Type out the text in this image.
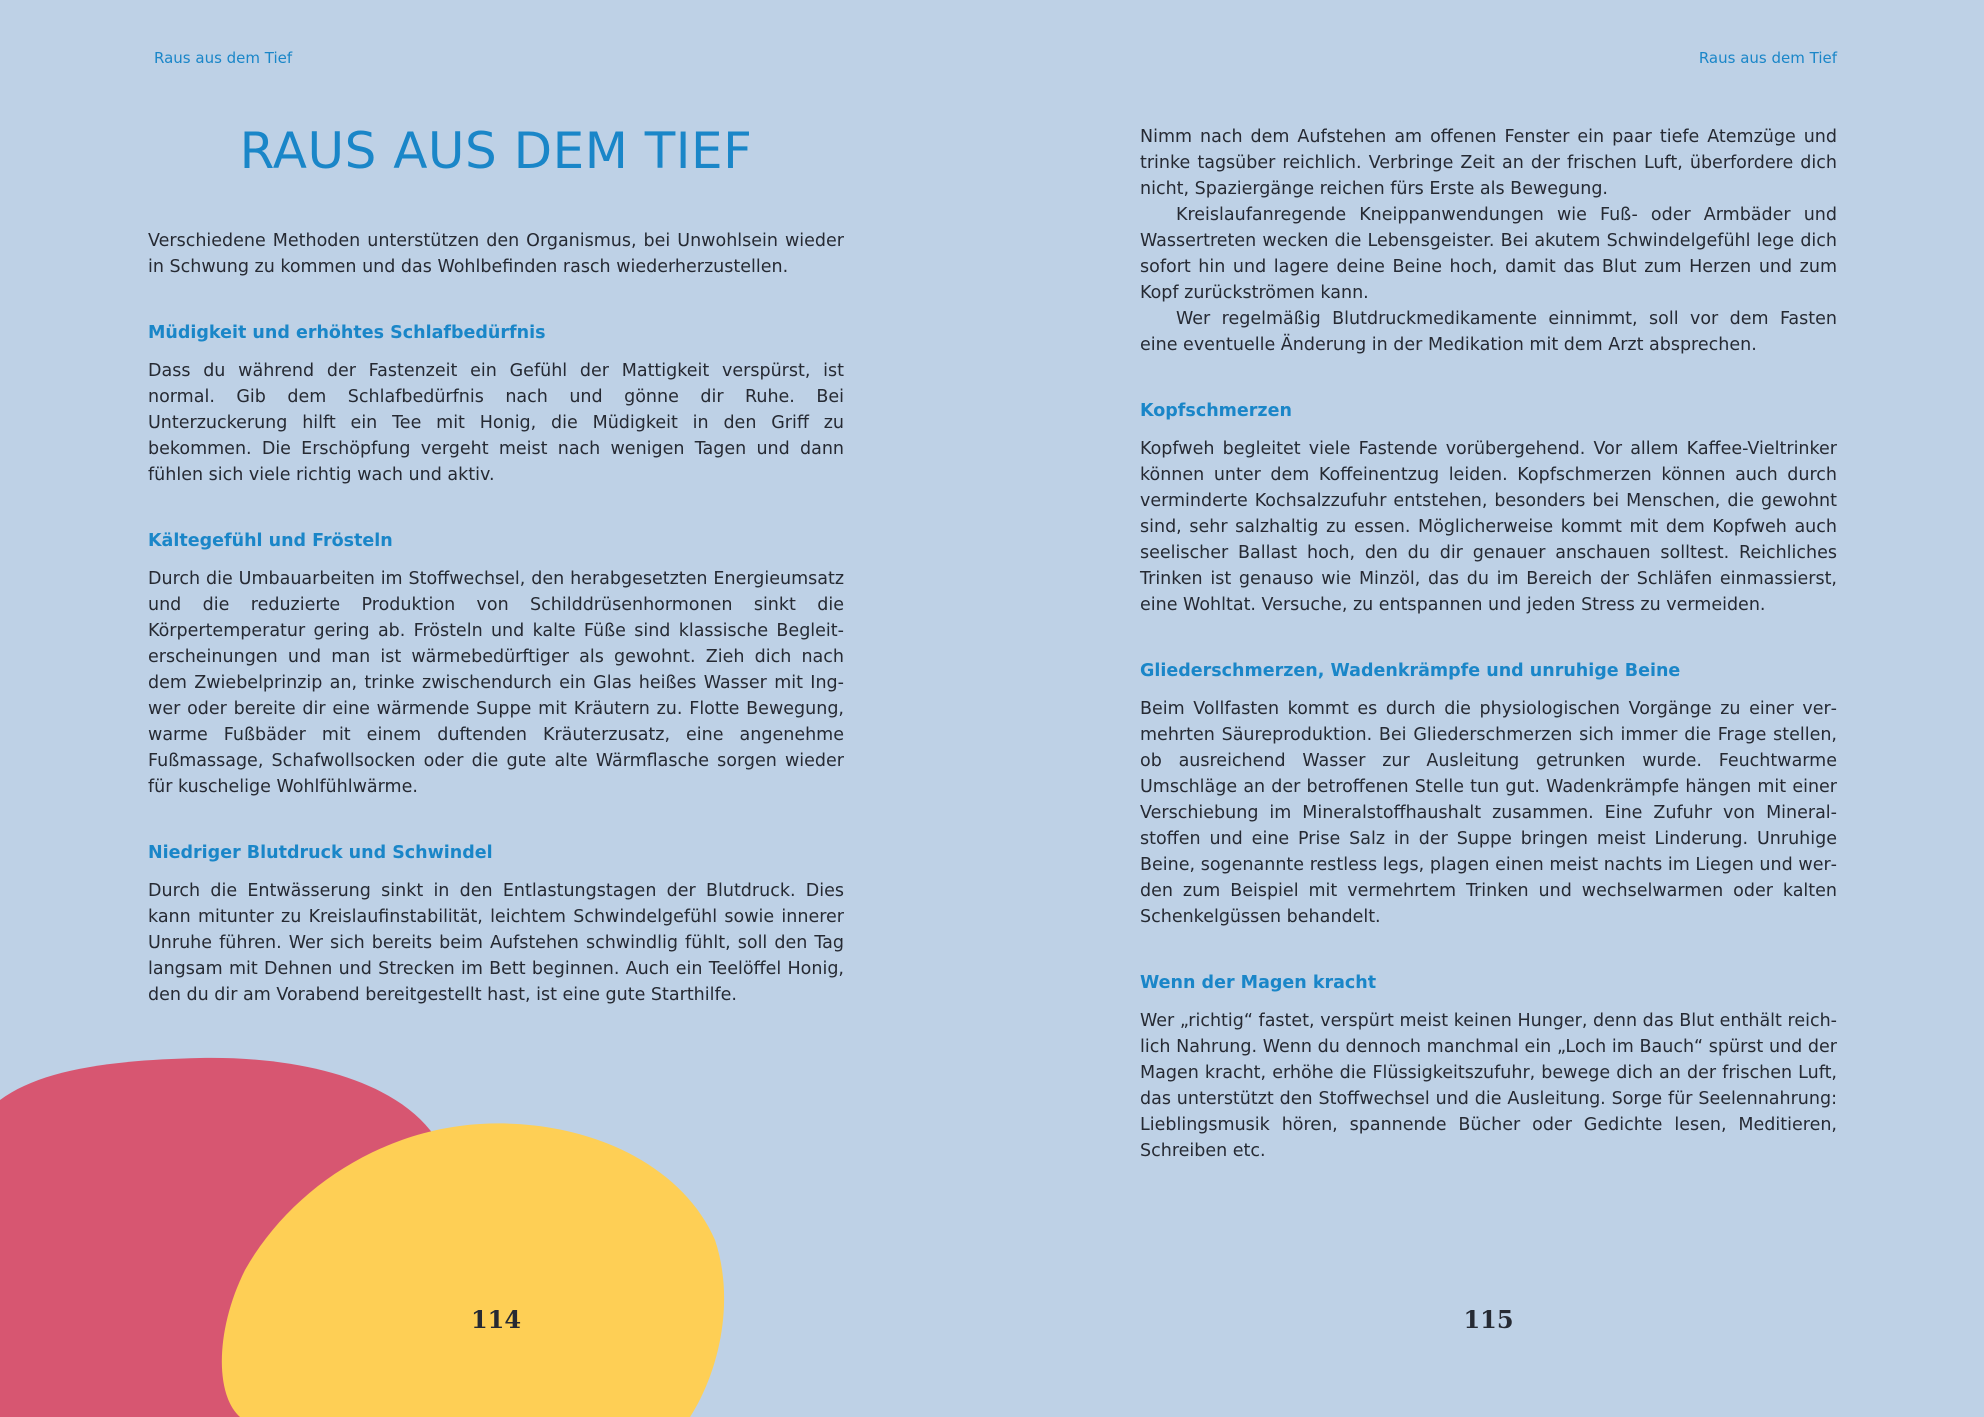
Raus aus dem Tief
RAUS AUS DEM TIEF

Verschiedene Methoden unterstützen den Organismus, bei Unwohlsein wieder in Schwung zu kommen und das Wohlbefinden rasch wiederherzustellen.

Müdigkeit und erhöhtes Schlafbedürfnis

Dass du während der Fastenzeit ein Gefühl der Mattigkeit verspürst, ist normal. Gib dem Schlafbedürfnis nach und gönne dir Ruhe. Bei Unterzuckerung hilft ein Tee mit Honig, die Müdigkeit in den Griff zu bekommen. Die Erschöpfung vergeht meist nach wenigen Tagen und dann fühlen sich viele richtig wach und aktiv.

Kältegefühl und Frösteln

Durch die Umbauarbeiten im Stoffwechsel, den herabgesetzten Energieumsatz und die reduzierte Produktion von Schilddrüsenhormonen sinkt die Körpertemperatur gering ab. Frösteln und kalte Füße sind klassische Begleiterscheinungen und man ist wärmebedürftiger als gewohnt. Zieh dich nach dem Zwiebelprinzip an, trinke zwischendurch ein Glas heißes Wasser mit Ingwer oder bereite dir eine wärmende Suppe mit Kräutern zu. Flotte Bewegung, warme Fußbäder mit einem duftenden Kräuterzusatz, eine angenehme Fußmassage, Schafwollsocken oder die gute alte Wärmflasche sorgen wieder für kuschelige Wohlfühlwärme.

Niedriger Blutdruck und Schwindel

Durch die Entwässerung sinkt in den Entlastungstagen der Blutdruck. Dies kann mitunter zu Kreislaufinstabilität, leichtem Schwindelgefühl sowie innerer Unruhe führen. Wer sich bereits beim Aufstehen schwindlig fühlt, soll den Tag langsam mit Dehnen und Strecken im Bett beginnen. Auch ein Teelöffel Honig, den du dir am Vorabend bereitgestellt hast, ist eine gute Starthilfe.

114
Raus aus dem Tief

Nimm nach dem Aufstehen am offenen Fenster ein paar tiefe Atemzüge und trinke tagsüber reichlich. Verbringe Zeit an der frischen Luft, überfordere dich nicht, Spaziergänge reichen fürs Erste als Bewegung.

Kreislaufanregende Kneippanwendungen wie Fuß- oder Armbäder und Wassertreten wecken die Lebensgeister. Bei akutem Schwindelgefühl lege dich sofort hin und lagere deine Beine hoch, damit das Blut zum Herzen und zum Kopf zurückströmen kann.

Wer regelmäßig Blutdruckmedikamente einnimmt, soll vor dem Fasten eine eventuelle Änderung in der Medikation mit dem Arzt absprechen.

Kopfschmerzen

Kopfweh begleitet viele Fastende vorübergehend. Vor allem Kaffee-Vieltrinker können unter dem Koffeinentzug leiden. Kopfschmerzen können auch durch verminderte Kochsalzzufuhr entstehen, besonders bei Menschen, die gewohnt sind, sehr salzhaltig zu essen. Möglicherweise kommt mit dem Kopfweh auch seelischer Ballast hoch, den du dir genauer anschauen solltest. Reichliches Trinken ist genauso wie Minzöl, das du im Bereich der Schläfen einmassierst, eine Wohltat. Versuche, zu entspannen und jeden Stress zu vermeiden.

Gliederschmerzen, Wadenkrämpfe und unruhige Beine

Beim Vollfasten kommt es durch die physiologischen Vorgänge zu einer vermehrten Säureproduktion. Bei Gliederschmerzen sich immer die Frage stellen, ob ausreichend Wasser zur Ausleitung getrunken wurde. Feuchtwarme Umschläge an der betroffenen Stelle tun gut. Wadenkrämpfe hängen mit einer Verschiebung im Mineralstoffhaushalt zusammen. Eine Zufuhr von Mineralstoffen und eine Prise Salz in der Suppe bringen meist Linderung. Unruhige Beine, sogenannte restless legs, plagen einen meist nachts im Liegen und werden zum Beispiel mit vermehrtem Trinken und wechselwarmen oder kalten Schenkelgüssen behandelt.

Wenn der Magen kracht

Wer „richtig“ fastet, verspürt meist keinen Hunger, denn das Blut enthält reichlich Nahrung. Wenn du dennoch manchmal ein „Loch im Bauch“ spürst und der Magen kracht, erhöhe die Flüssigkeitszufuhr, bewege dich an der frischen Luft, das unterstützt den Stoffwechsel und die Ausleitung. Sorge für Seelennahrung: Lieblingsmusik hören, spannende Bücher oder Gedichte lesen, Meditieren, Schreiben etc.

115
